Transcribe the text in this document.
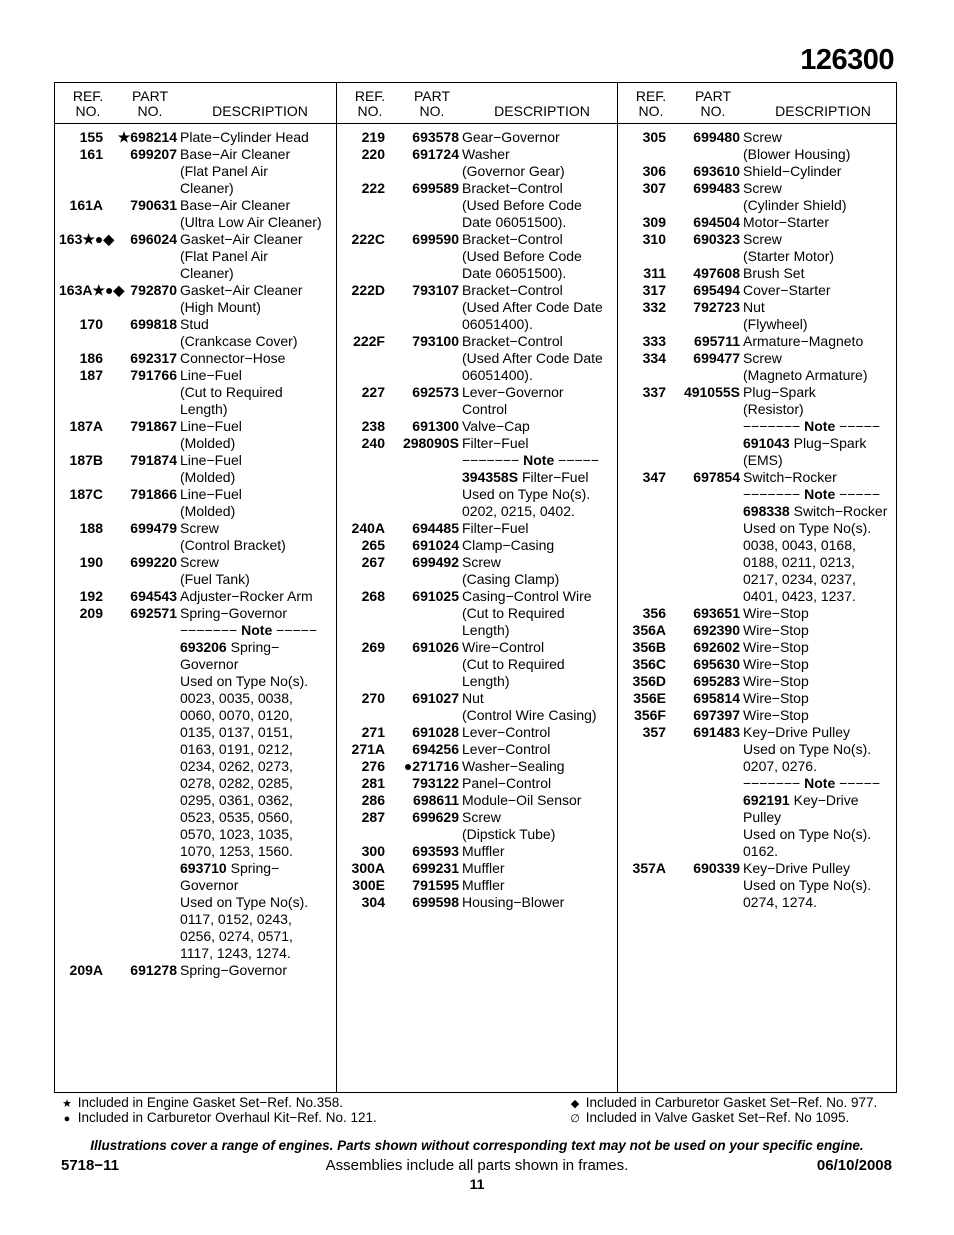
126300
REF.
NO.
PART
NO.	DESCRIPTION
155	★698214 Plate−Cylinder Head
161	699207 Base−Air Cleaner
(Flat Panel Air
Cleaner)
161A	790631 Base−Air Cleaner
(Ultra Low Air Cleaner)
163★●◆	696024 Gasket−Air Cleaner
(Flat Panel Air
Cleaner)
163A★●◆ 792870 Gasket−Air Cleaner
(High Mount)
170	699818 Stud
(Crankcase Cover)
186	692317 Connector−Hose
187	791766 Line−Fuel
(Cut to Required
Length)
187A	791867 Line−Fuel
(Molded)
187B	791874 Line−Fuel
(Molded)
187C	791866 Line−Fuel
(Molded)
188	699479 Screw
(Control Bracket)
190	699220 Screw
(Fuel Tank)
192	694543 Adjuster−Rocker Arm
209	692571 Spring−Governor
−−−−−−− Note −−−−−
693206 Spring−
Governor
Used on Type No(s).
0023, 0035, 0038,
0060, 0070, 0120,
0135, 0137, 0151,
0163, 0191, 0212,
0234, 0262, 0273,
0278, 0282, 0285,
0295, 0361, 0362,
0523, 0535, 0560,
0570, 1023, 1035,
1070, 1253, 1560.
693710 Spring−
Governor
Used on Type No(s).
0117, 0152, 0243,
0256, 0274, 0571,
1117, 1243, 1274.
209A	691278 Spring−Governor
REF.
NO.
PART
NO.	DESCRIPTION
219	693578 Gear−Governor
220	691724 Washer
(Governor Gear)
222	699589 Bracket−Control
(Used Before Code
Date 06051500).
222C	699590 Bracket−Control
(Used Before Code
Date 06051500).
222D	793107 Bracket−Control
(Used After Code Date
06051400).
222F	793100 Bracket−Control
(Used After Code Date
06051400).
227	692573 Lever−Governor
Control
238	691300 Valve−Cap
240	298090S Filter−Fuel
−−−−−−− Note −−−−−
394358S Filter−Fuel
Used on Type No(s).
0202, 0215, 0402.
240A	694485 Filter−Fuel
265	691024 Clamp−Casing
267	699492 Screw
(Casing Clamp)
268	691025 Casing−Control Wire
(Cut to Required
Length)
269	691026 Wire−Control
(Cut to Required
Length)
270	691027 Nut
(Control Wire Casing)
271	691028 Lever−Control
271A	694256 Lever−Control
276	●271716 Washer−Sealing
281	793122 Panel−Control
286	698611 Module−Oil Sensor
287	699629 Screw
(Dipstick Tube)
300	693593 Muffler
300A	699231 Muffler
300E	791595 Muffler
304	699598 Housing−Blower
REF.
NO.
PART
NO.	DESCRIPTION
305	699480 Screw
(Blower Housing)
306	693610 Shield−Cylinder
307	699483 Screw
(Cylinder Shield)
309	694504 Motor−Starter
310	690323 Screw
(Starter Motor)
311	497608 Brush Set
317	695494 Cover−Starter
332	792723 Nut
(Flywheel)
333	695711 Armature−Magneto
334	699477 Screw
(Magneto Armature)
337	491055S Plug−Spark
(Resistor)
−−−−−−− Note −−−−−
691043 Plug−Spark
(EMS)
347	697854 Switch−Rocker
−−−−−−− Note −−−−−
698338 Switch−Rocker
Used on Type No(s).
0038, 0043, 0168,
0188, 0211, 0213,
0217, 0234, 0237,
0401, 0423, 1237.
356	693651 Wire−Stop
356A	692390 Wire−Stop
356B	692602 Wire−Stop
356C	695630 Wire−Stop
356D	695283 Wire−Stop
356E	695814 Wire−Stop
356F	697397 Wire−Stop
357	691483 Key−Drive Pulley
Used on Type No(s).
0207, 0276.
−−−−−−− Note −−−−−
692191 Key−Drive
Pulley
Used on Type No(s).
0162.
357A	690339 Key−Drive Pulley
Used on Type No(s).
0274, 1274.
★ Included in Engine Gasket Set−Ref. No.358.
● Included in Carburetor Overhaul Kit−Ref. No. 121.
◆ Included in Carburetor Gasket Set−Ref. No. 977.
∅ Included in Valve Gasket Set−Ref. No 1095.
Illustrations cover a range of engines. Parts shown without corresponding text may not be used on your specific engine.
5718−11	Assemblies include all parts shown in frames.	06/10/2008
11
